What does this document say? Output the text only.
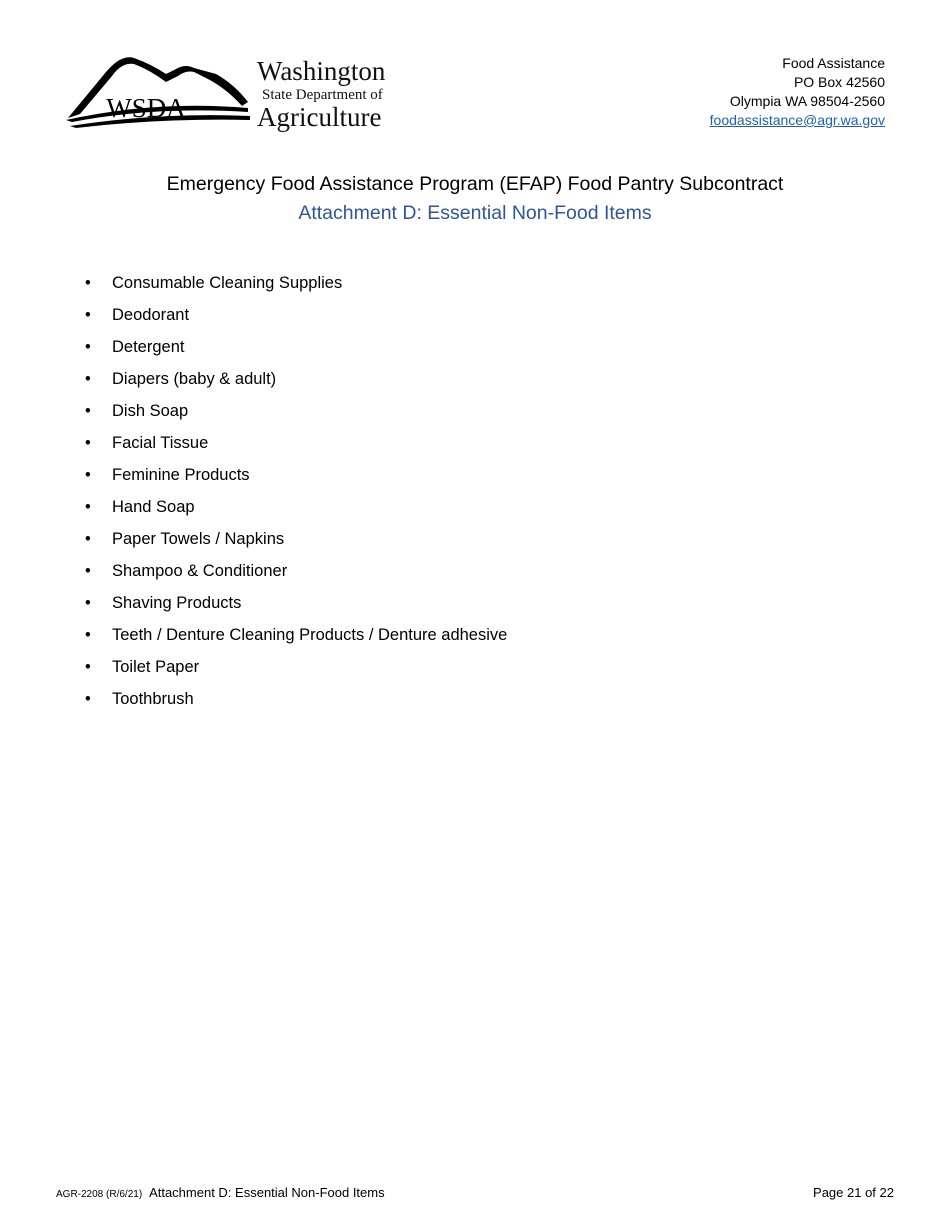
WSDA
Washington
State Department of
Agriculture
Food Assistance
PO Box 42560
Olympia WA 98504-2560
foodassistance@agr.wa.gov
Emergency Food Assistance Program (EFAP) Food Pantry Subcontract
Attachment D: Essential Non-Food Items
• Consumable Cleaning Supplies
• Deodorant
• Detergent
• Diapers (baby & adult)
• Dish Soap
• Facial Tissue
• Feminine Products
• Hand Soap
• Paper Towels / Napkins
• Shampoo & Conditioner
• Shaving Products
• Teeth / Denture Cleaning Products / Denture adhesive
• Toilet Paper
• Toothbrush
AGR-2208 (R/6/21) Attachment D: Essential Non-Food Items	Page 21 of 22
